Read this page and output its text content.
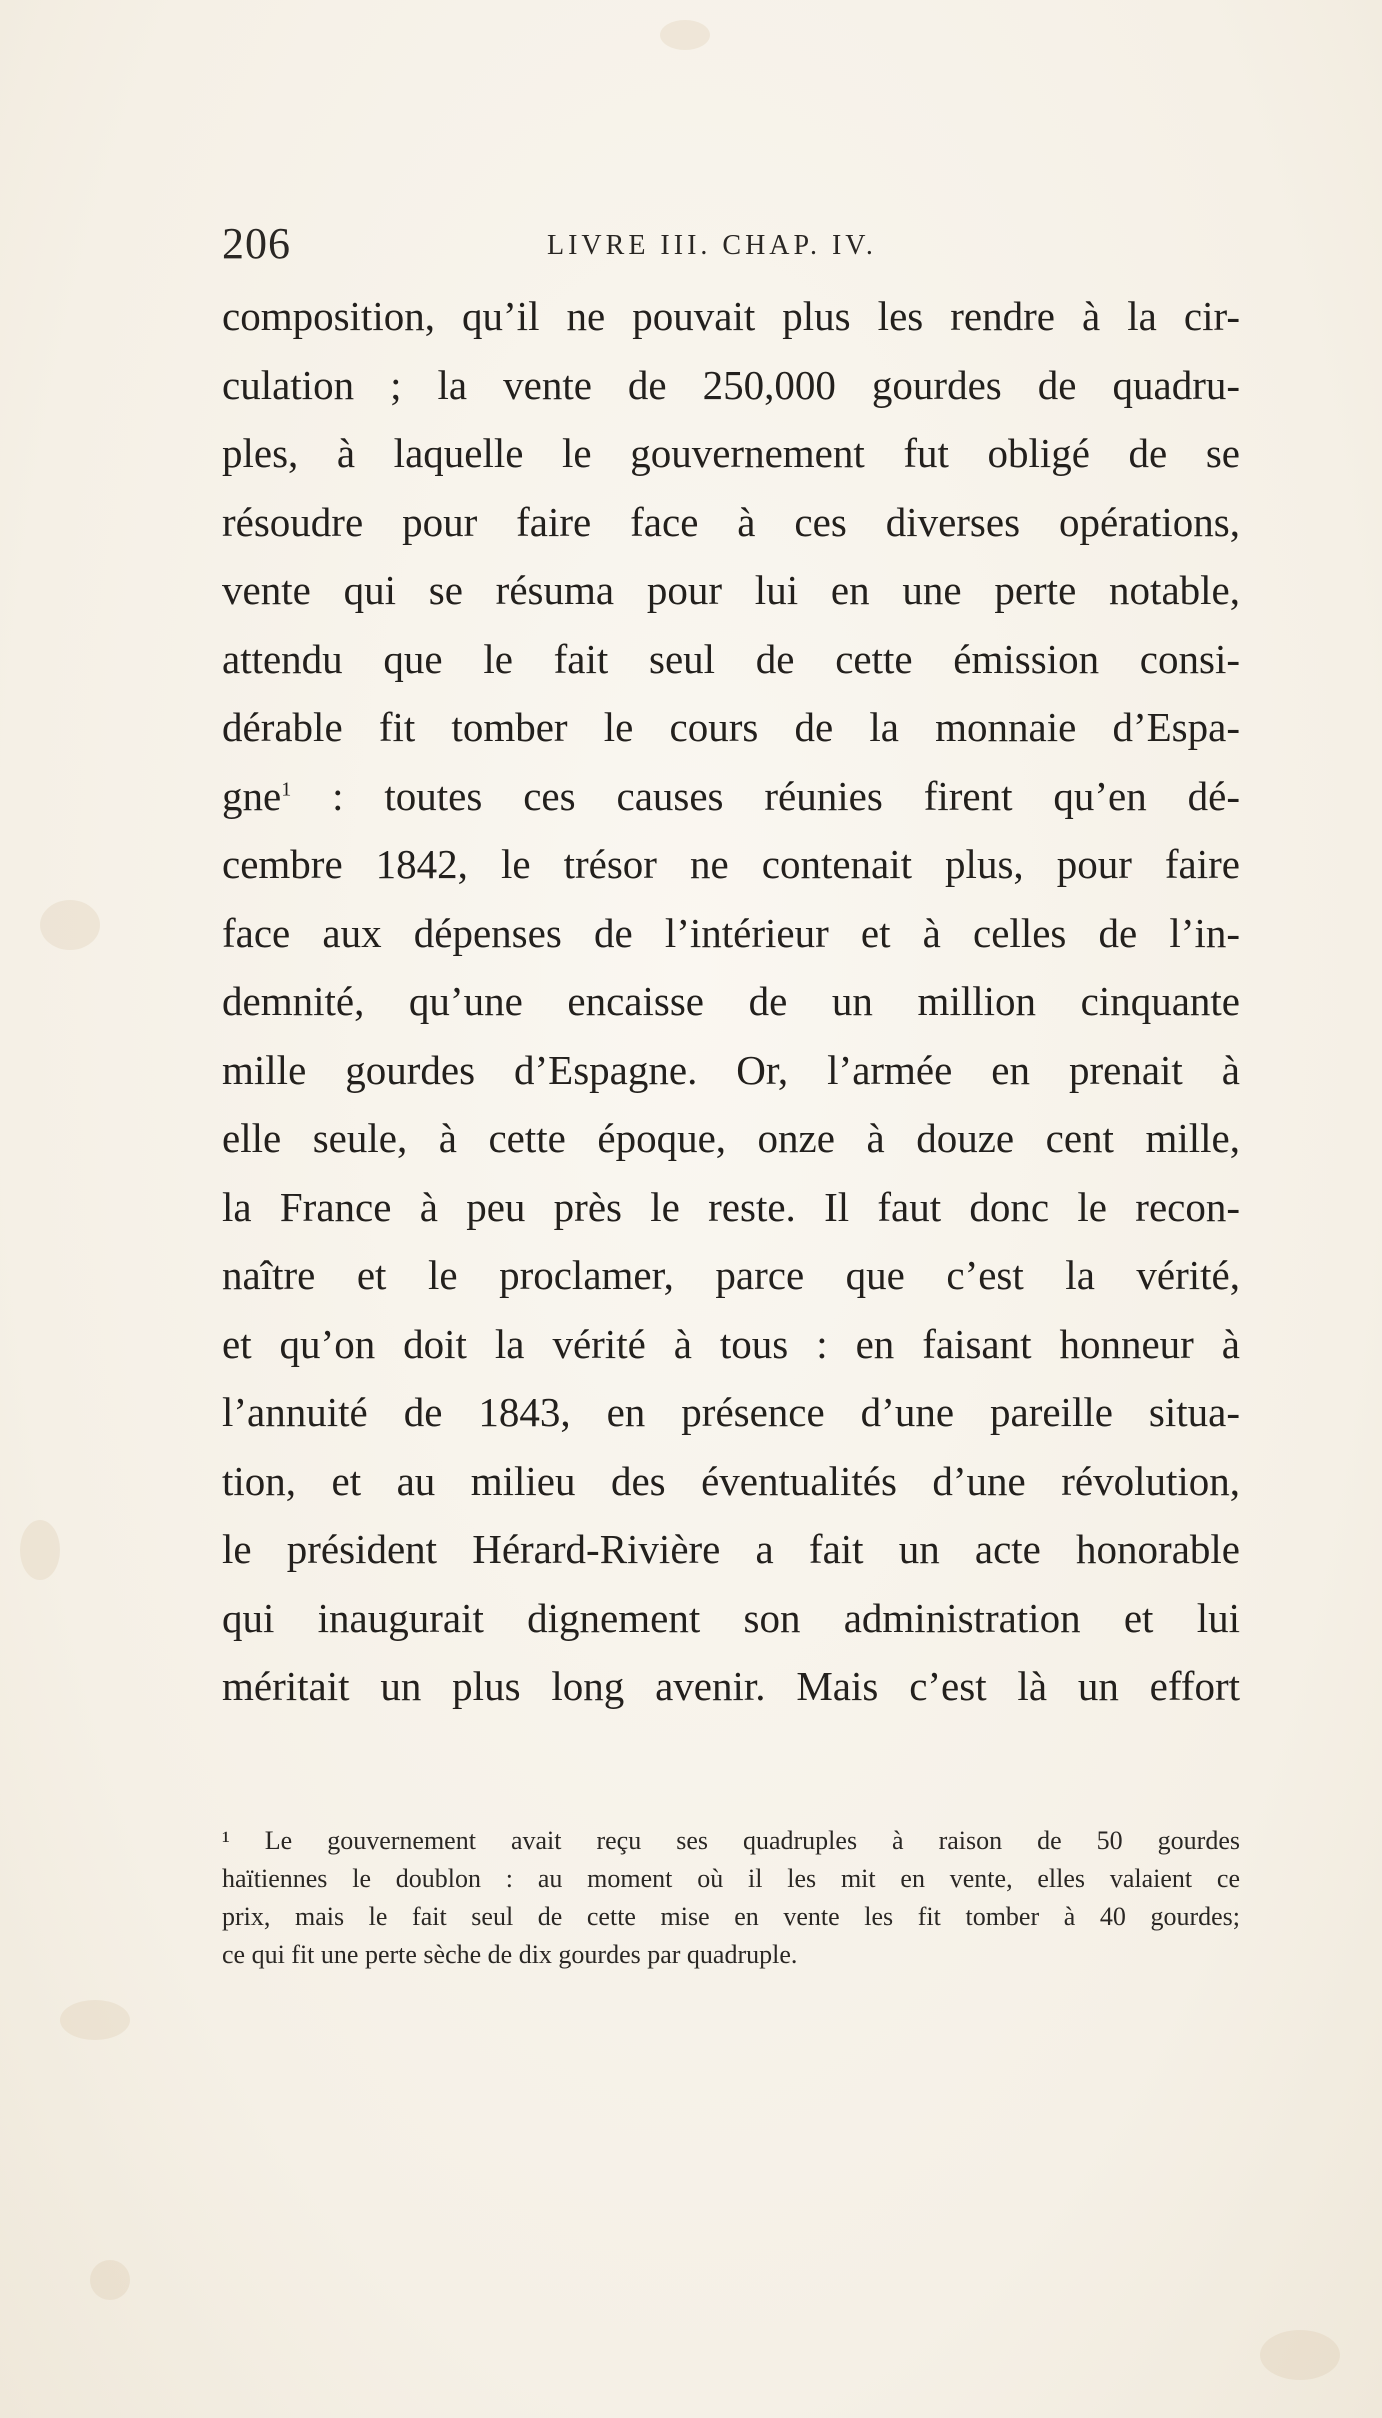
206	LIVRE III. CHAP. IV.
composition, qu’il ne pouvait plus les rendre à la cir-
culation ; la vente de 250,000 gourdes de quadru-
ples, à laquelle le gouvernement fut obligé de se
résoudre pour faire face à ces diverses opérations,
vente qui se résuma pour lui en une perte notable,
attendu que le fait seul de cette émission consi-
dérable fit tomber le cours de la monnaie d’Espa-
gne$^1$ : toutes ces causes réunies firent qu’en dé-
cembre 1842, le trésor ne contenait plus, pour faire
face aux dépenses de l’intérieur et à celles de l’in-
demnité, qu’une encaisse de un million cinquante
mille gourdes d’Espagne. Or, l’armée en prenait à
elle seule, à cette époque, onze à douze cent mille,
la France à peu près le reste. Il faut donc le recon-
naître et le proclamer, parce que c’est la vérité,
et qu’on doit la vérité à tous : en faisant honneur à
l’annuité de 1843, en présence d’une pareille situa-
tion, et au milieu des éventualités d’une révolution,
le président Hérard-Rivière a fait un acte honorable
qui inaugurait dignement son administration et lui
méritait un plus long avenir. Mais c’est là un effort
¹ Le gouvernement avait reçu ses quadruples à raison de 50 gourdes
haïtiennes le doublon : au moment où il les mit en vente, elles valaient ce
prix, mais le fait seul de cette mise en vente les fit tomber à 40 gourdes;
ce qui fit une perte sèche de dix gourdes par quadruple.
